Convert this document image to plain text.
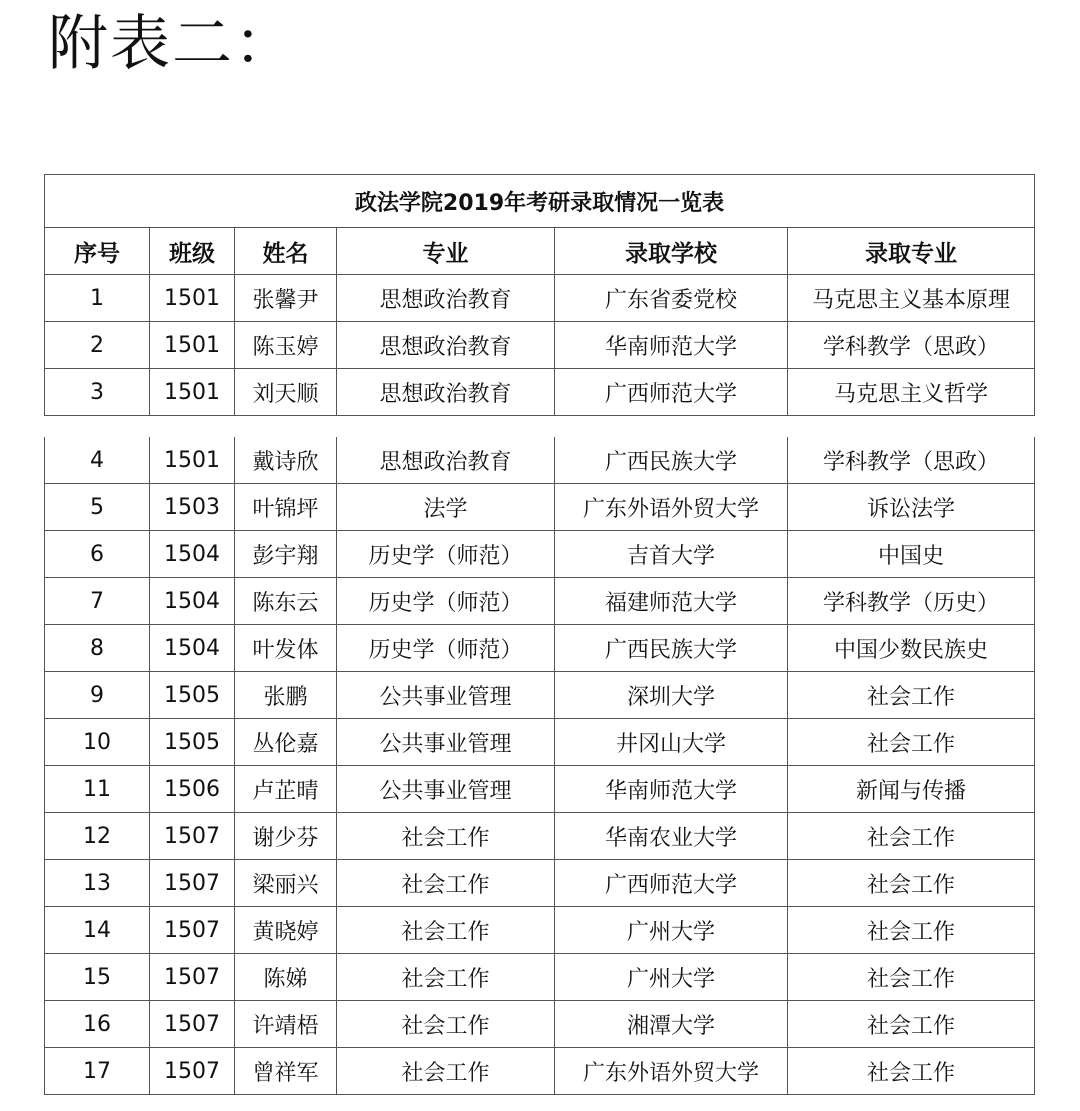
附表二：
政法学院2019年考研录取情况一览表					
序号	班级	姓名	专业	录取学校	录取专业
1	1501	张馨尹	思想政治教育	广东省委党校	马克思主义基本原理
2	1501	陈玉婷	思想政治教育	华南师范大学	学科教学（思政）
3	1501	刘天顺	思想政治教育	广西师范大学	马克思主义哲学
4	1501	戴诗欣	思想政治教育	广西民族大学	学科教学（思政）
5	1503	叶锦坪	法学	广东外语外贸大学	诉讼法学
6	1504	彭宇翔	历史学（师范）	吉首大学	中国史
7	1504	陈东云	历史学（师范）	福建师范大学	学科教学（历史）
8	1504	叶发体	历史学（师范）	广西民族大学	中国少数民族史
9	1505	张鹏	公共事业管理	深圳大学	社会工作
10	1505	丛伦嘉	公共事业管理	井冈山大学	社会工作
11	1506	卢芷晴	公共事业管理	华南师范大学	新闻与传播
12	1507	谢少芬	社会工作	华南农业大学	社会工作
13	1507	梁丽兴	社会工作	广西师范大学	社会工作
14	1507	黄晓婷	社会工作	广州大学	社会工作
15	1507	陈娣	社会工作	广州大学	社会工作
16	1507	许靖梧	社会工作	湘潭大学	社会工作
17	1507	曾祥军	社会工作	广东外语外贸大学	社会工作
